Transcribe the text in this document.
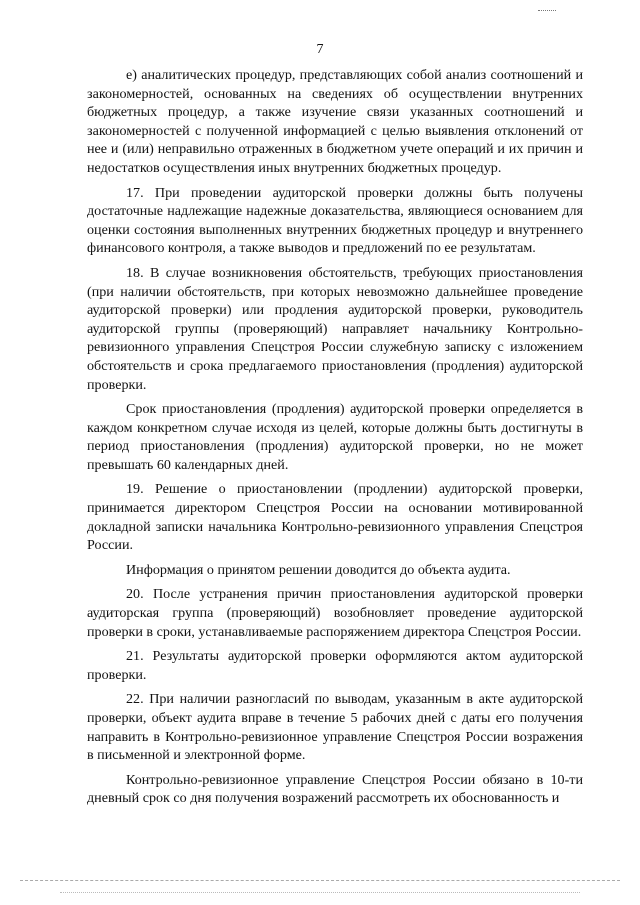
7

е) аналитических процедур, представляющих собой анализ соотношений и закономерностей, основанных на сведениях об осуществлении внутренних бюджетных процедур, а также изучение связи указанных соотношений и закономерностей с полученной информацией с целью выявления отклонений от нее и (или) неправильно отраженных в бюджетном учете операций и их причин и недостатков осуществления иных внутренних бюджетных процедур.

17. При проведении аудиторской проверки должны быть получены достаточные надлежащие надежные доказательства, являющиеся основанием для оценки состояния выполненных внутренних бюджетных процедур и внутреннего финансового контроля, а также выводов и предложений по ее результатам.

18. В случае возникновения обстоятельств, требующих приостановления (при наличии обстоятельств, при которых невозможно дальнейшее проведение аудиторской проверки) или продления аудиторской проверки, руководитель аудиторской группы (проверяющий) направляет начальнику Контрольно-ревизионного управления Спецстроя России служебную записку с изложением обстоятельств и срока предлагаемого приостановления (продления) аудиторской проверки.

Срок приостановления (продления) аудиторской проверки определяется в каждом конкретном случае исходя из целей, которые должны быть достигнуты в период приостановления (продления) аудиторской проверки, но не может превышать 60 календарных дней.

19. Решение о приостановлении (продлении) аудиторской проверки, принимается директором Спецстроя России на основании мотивированной докладной записки начальника Контрольно-ревизионного управления Спецстроя России.

Информация о принятом решении доводится до объекта аудита.

20. После устранения причин приостановления аудиторской проверки аудиторская группа (проверяющий) возобновляет проведение аудиторской проверки в сроки, устанавливаемые распоряжением директора Спецстроя России.

21. Результаты аудиторской проверки оформляются актом аудиторской проверки.

22. При наличии разногласий по выводам, указанным в акте аудиторской проверки, объект аудита вправе в течение 5 рабочих дней с даты его получения направить в Контрольно-ревизионное управление Спецстроя России возражения в письменной и электронной форме.

Контрольно-ревизионное управление Спецстроя России обязано в 10-ти дневный срок со дня получения возражений рассмотреть их обоснованность и
